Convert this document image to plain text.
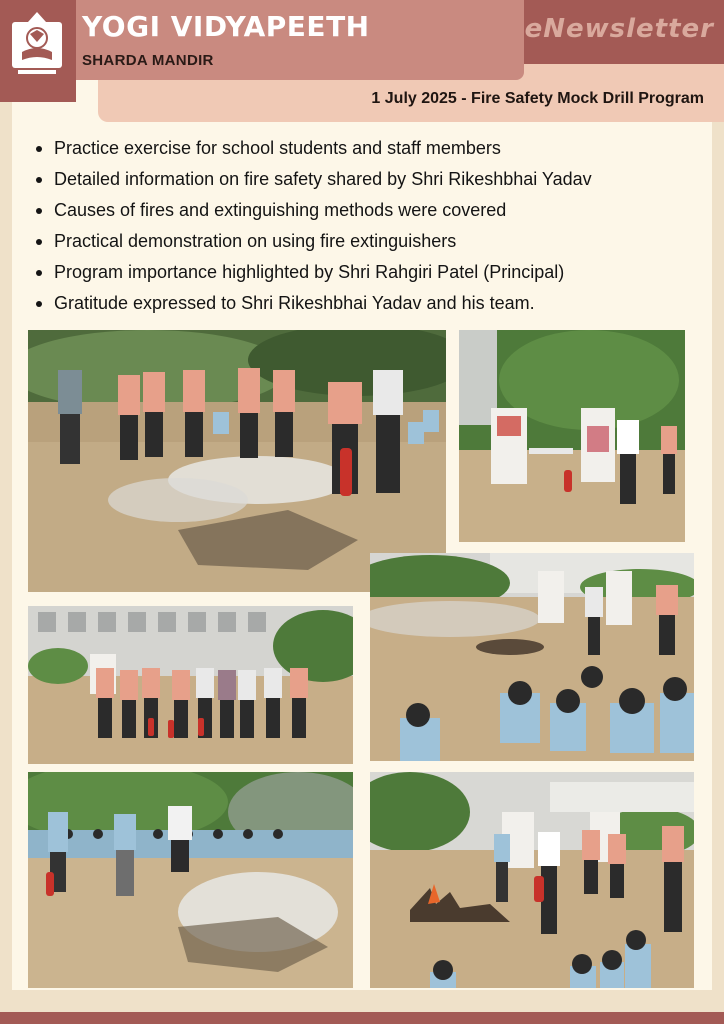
1 July 2025 - Fire Safety Mock Drill Program
YOGI VIDYAPEETH
SHARDA MANDIR
eNewsletter
Practice exercise for school students and staff members
Detailed information on fire safety shared by Shri Rikeshbhai Yadav
Causes of fires and extinguishing methods were covered
Practical demonstration on using fire extinguishers
Program importance highlighted by Shri Rahgiri Patel (Principal)
Gratitude expressed to Shri Rikeshbhai Yadav and his team.
